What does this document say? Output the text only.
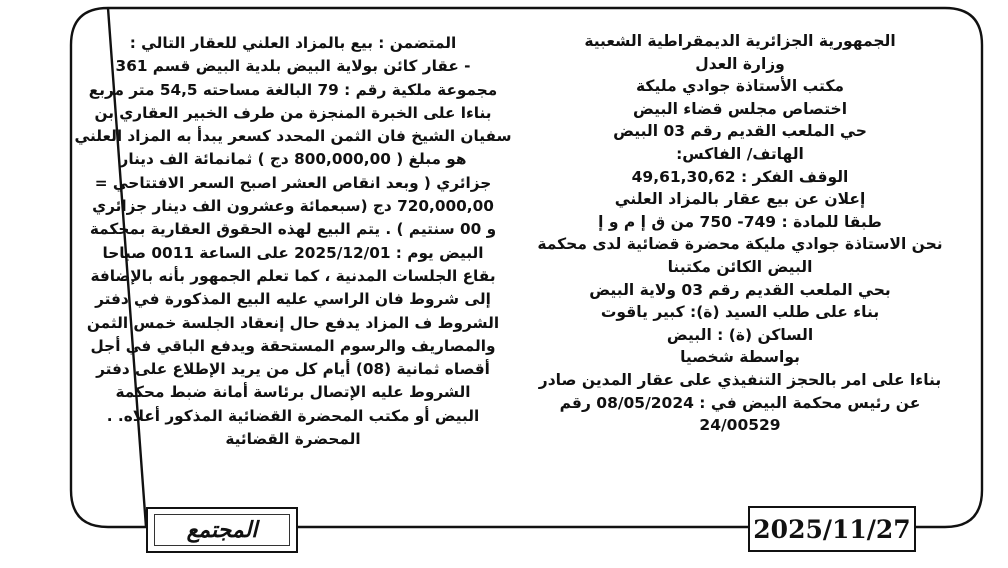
الجمهورية الجزائرية الديمقراطية الشعبية
وزارة العدل
مكتب الأستاذة جوادي مليكة
اختصاص مجلس قضاء البيض
حي الملعب القديم رقم 03 البيض
الهاتف/ الفاكس:
الوقف الفكر : 49,61,30,62
إعلان عن بيع عقار بالمزاد العلني
طبقا للمادة : 749- 750 من ق إ م و إ
نحن الاستاذة جوادي مليكة محضرة قضائية لدى محكمة
البيض الكائن مكتبنا
بحي الملعب القديم رقم 03 ولاية البيض
بناء على طلب السيد (ة): كبير ياقوت
الساكن (ة) : البيض
بواسطة شخصيا
بناءا على امر بالحجز التنفيذي على عقار المدين صادر
عن رئيس محكمة البيض في : 08/05/2024 رقم
24/00529
المتضمن : بيع بالمزاد العلني للعقار التالي :
- عقار كائن بولاية البيض بلدية البيض قسم 361
مجموعة ملكية رقم : 79 البالغة مساحته 54,5 متر مربع
بناءا على الخبرة المنجزة من طرف الخبير العقاري بن
سفيان الشيخ فان الثمن المحدد كسعر يبدأ به المزاد العلني
هو مبلغ ( 800,000,00 دج ) ثمانمائة الف دينار
جزائري ( وبعد انقاص العشر اصبح السعر الافتتاحي =
720,000,00 دج (سبعمائة وعشرون الف دينار جزائري
و 00 سنتيم ) . يتم البيع لهذه الحقوق العقارية بمحكمة
البيض يوم : 2025/12/01 على الساعة 0011 صباحا
بقاع الجلسات المدنية ، كما تعلم الجمهور بأنه بالإضافة
إلى شروط فان الراسي عليه البيع المذكورة في دفتر
الشروط ف المزاد يدفع حال إنعقاد الجلسة خمس الثمن
والمصاريف والرسوم المستحقة ويدفع الباقي في أجل
أقصاه ثمانية (08) أيام كل من يريد الإطلاع على دفتر
الشروط عليه الإتصال برئاسة أمانة ضبط محكمة
البيض أو مكتب المحضرة القضائية المذكور أعلاه. .
المحضرة القضائية
2025/11/27
المجتمع
